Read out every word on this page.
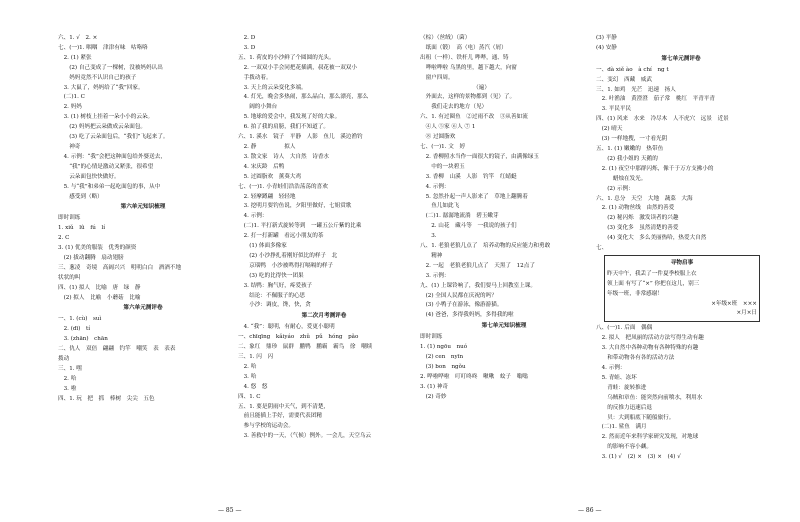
六、1. √　2. ×
七、(一)1. 咽咽　津津有味　咕咯咯
　2. (1) 紧张
　　(2) 自己变成了一棵树，没被妈妈认出
　　妈妈竟然不认识自己的孩子
　3. 大鼠了，妈妈给了“我”回家。
　(二)1. C
　2. 妈妈
　3. (1) 树枝上挂着一朵小小的云朵。
　　(2) 妈妈把云朵做成云朵面包。
　　(3) 吃了云朵面包后，“我们”飞起来了。
　　神奇
　4. 示例：“我”会把这种面包给外婆送去，
　　“我”的心情是激动又紧张，很希望
　　云朵面包快快做好。
　5. 与“我”和弟弟一起吃面包的事，从中
　　感受到（略）
第六单元知识梳理
即时训练
1. xiǔ　lǜ　fú　lí
2. C
3. (1) 优美的服装　优秀的颜资
　(2) 拔动翻腾　扇动翅膀
三、葱凌　奇境　高阔兴兴　明明白白　酒酒不地
状状的叫
四、(1) 拟人　比喻　唐　绿　静
　(2) 拟人　比喻　小蘑菇　比喻
第六单元测评卷
一、1. (cù)　suì
　2. (dī)　tí
　3. (zhān)　chān
二、仇人　双倍　翩翩　钓竿　嘲笑　表　表表
拨动
三、1. 嘿
　2. 哈
　3. 啦
四、1. 玩　把　抓　棒树　尖尖　五色
　2. D
　3. D
五、1. 荷皮的小沙鲜了个圆圆的光头。
　2. 一双双小手会同把花插满，叔花被一双双小
　手拨动着。
　3. 天上的云朵变化多端。
　4. 灯光，晚会多热闹，那么晶白，那么漂亮，那么
　　阔的小舞台
　5. 地球的爱会中，我发现了好的大象。
　6. 拍了我的肩膀，我们不知道了。
六、1. 溪水　镜子　平静　人影　鱼儿　溪边渔钓
　2. 静　　　　　拟人
　3. 散文家　诗人　大自然　诗香水
　4. 宋庆龄　后鸭
　5. 过圆脂欢　薰葵大鸡
七、(一)1. 小青蛙们浩浩荡荡的喜欢
　2. 轻摩蹲翩　轻轻地
　3. 挖明月要钓鱼说，夕阳里做好，七姐赏歌
　4. 示例：
　(二)1. 平打新式旋转等到　一罐五公斤紫的比乘
　2. 打一打新罐　看远小朋友的茶
　　(1) 体面多像家
　　(2) 小沙挣扎着刚好似比的样子　北
　　京瑙鸭　小沙被鸣得打嗝嗝的样子
　　(3) 吃的比得快一团果
　3. 结鸭：胸气好，疼爱孩子
　　结论：不佩服子的心思
　　小沙：调皮，馋，快，贪
第二次月考测评卷
　4. “我”：聪明，有耐心，爱更小聪明
一、chīqīng　kǎiyáo　zhǔ　pǔ　hóng　pǎo
二、象红　鼎珍　鼠群　鹏鸭　鹏霸　霸鸟　徐　嘲续
三、1. 闪　闪
　2. 哈
　3. 哈
　4. 悠　悠
四、1. C
五、1. 要是阴雨中天气，到不清楚，
　前且能插上手好，需要代表团精
　参与学校的运动会。
　3. 善救中的一天，（气候）例外。一会儿，天空乌云
— 85 —
（棕）（丝绒）（菌）
　纸面（锻）　高（电）蒸汽（屑）
出租（一样）、铁杆儿 哔哔，通、铸
　哗啦哗啦 乌黑的里，越下越大，向窗
　窗户四周。
　　　　　　　　　　（遍）
　外面去，这样的景物都到（见）了。
　　我们走去的地方（见）
六、1. 有过圈鱼　②过雨不改　③从善如流
　④人 ⑤家 ⑥人 ⑦ 1
　⑧ 过圆脂欢
七、(一)1. 文　婷
　2. 香柳照水当作一面很大的镜子，由满像绿玉
　　中的一块碧玉
　3. 香柳　山溪　人影　钓竿　红蜻蜓
　4. 示例：
　5. 忽然扑起一声人影来了　草地上翻腾着
　　鱼儿如此飞
　(二)1. 潺潺地流淌　碧玉嫩芽
　　2. 山花　藏斗等　一我说的孩子们
　　3.
八、1. 老狼老狼几点了　培养动物的反应能力和勇敢
　　精神
　2. 一起　老狼老狼几点了　天黑了　12点了
　3. 示例：
九、(1) 上课铃响了，我们要马上回教室上课。
　(2) 全国人民都在庆祝的吗？
　(3) 小鸭子在游泳，像游游猫。
　(4) 爸爸，多得我妈妈，多得我的啦
第七单元知识梳理
即时训练
1. (1) ngōu　nuó
　(2) cen　nyīn
　(3) bon　ngǒu
2. 哗啦哗啦　叮叮咚咚　啾啾　蚊子　嗡嗡
3. (1) 神奇
　(2) 奇妙
(3) 平静
(4) 安静
第七单元测评卷
一、dà xiě ào　à chí　ng t
二、变幻　西藏　威武
三、1. 如鸡　光芒　迅速　扬人
　2. 叶渔油　黄澄澄　茄子常　桃红　平青平青
　3. 平民平民
四、(1) 风来　水来　冷尽木　人不虎穴　远景　近景
　(2) 晴天　　　　　
　(3) 一样地搜，一寸看光阴
五、1. (1) 嫩嫩的　热带鱼
　　(2) 我小姐的 天鹅的
　2. (1) 夜空中那群闪烁，像千于万方支拂小的
　　　蜡烛在发光。
　　(2) 示例：
六、1. 总分　天空　大地　蔬菜　大海
　2. (1) 动物丝线　由然的善爱
　　(2) 秘闪烁　激发读者的兴趣
　　(3) 变化多　虽然清楚的善爱
　　(4) 变化大　多么美丽热哈，热爱大自然
七、
寻物启事
昨天中午，我丢了一件夏季校服上衣
领上面 有写了“×” 你把在这儿，别三
年级一班，非常感谢！
×年级×班　×××
×月×日
八、(一)1. 后面　偶偶
　2. 拟人　把凤丽的活动方法写得生动有趣
　3. 大自然中各种动物有各种特殊的有趣
　　和带动物各有各的活动方法
　4. 示例：
　5. 青蛙、冻坏
　　青蛙：旋转推进
　　乌贼和章鱼：能突然向前喷水，利用水
　　的反推力迅速后退
　　贝：大到船底下随船旅行。
　(二)1. 鲨鱼　满月
　2. 然而近年来科学家研究发现，对地球
　　的影响不容小觑。
　3. (1) √　(2) ×　(3) ×　(4) √
— 86 —
